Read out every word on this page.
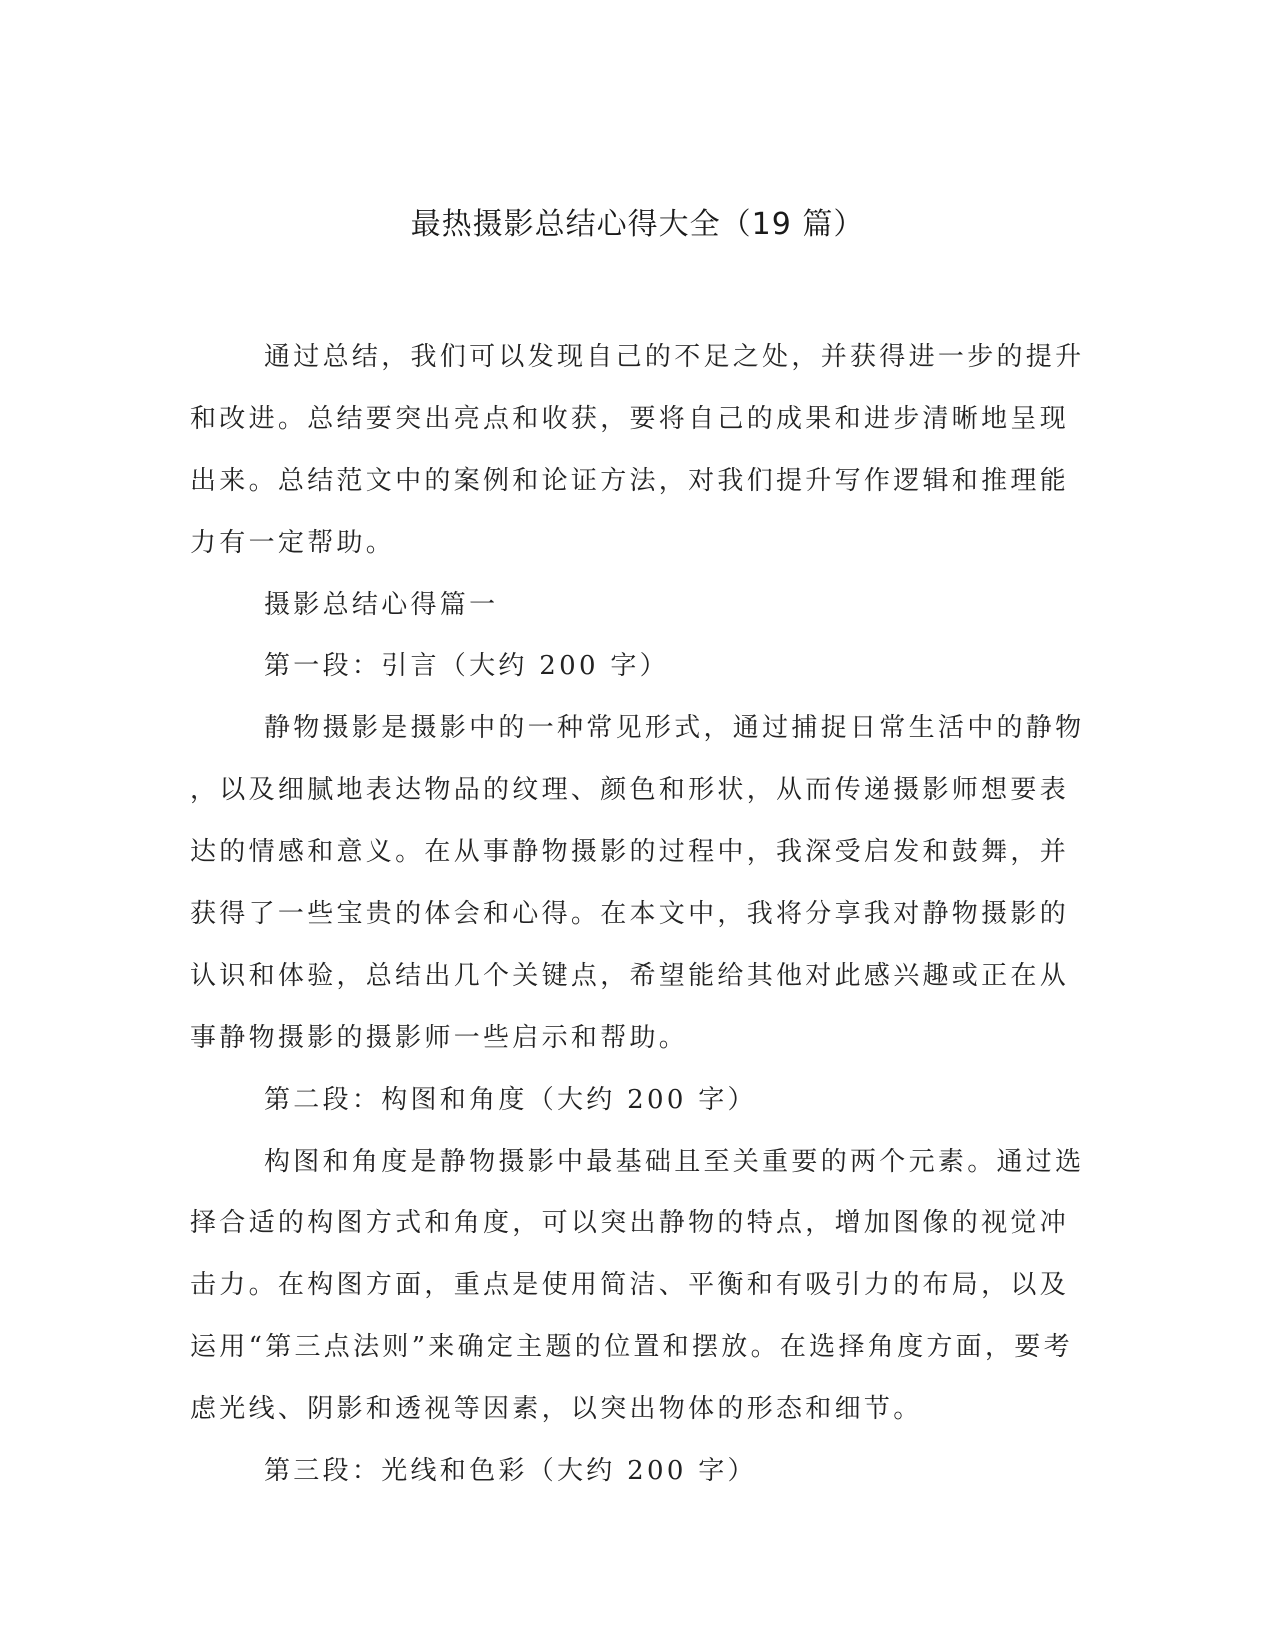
最热摄影总结心得大全（19 篇）
通过总结，我们可以发现自己的不足之处，并获得进一步的提升
和改进。总结要突出亮点和收获，要将自己的成果和进步清晰地呈现
出来。总结范文中的案例和论证方法，对我们提升写作逻辑和推理能
力有一定帮助。
摄影总结心得篇一
第一段：引言（大约 200 字）
静物摄影是摄影中的一种常见形式，通过捕捉日常生活中的静物
，以及细腻地表达物品的纹理、颜色和形状，从而传递摄影师想要表
达的情感和意义。在从事静物摄影的过程中，我深受启发和鼓舞，并
获得了一些宝贵的体会和心得。在本文中，我将分享我对静物摄影的
认识和体验，总结出几个关键点，希望能给其他对此感兴趣或正在从
事静物摄影的摄影师一些启示和帮助。
第二段：构图和角度（大约 200 字）
构图和角度是静物摄影中最基础且至关重要的两个元素。通过选
择合适的构图方式和角度，可以突出静物的特点，增加图像的视觉冲
击力。在构图方面，重点是使用简洁、平衡和有吸引力的布局，以及
运用“第三点法则”来确定主题的位置和摆放。在选择角度方面，要考
虑光线、阴影和透视等因素，以突出物体的形态和细节。
第三段：光线和色彩（大约 200 字）
